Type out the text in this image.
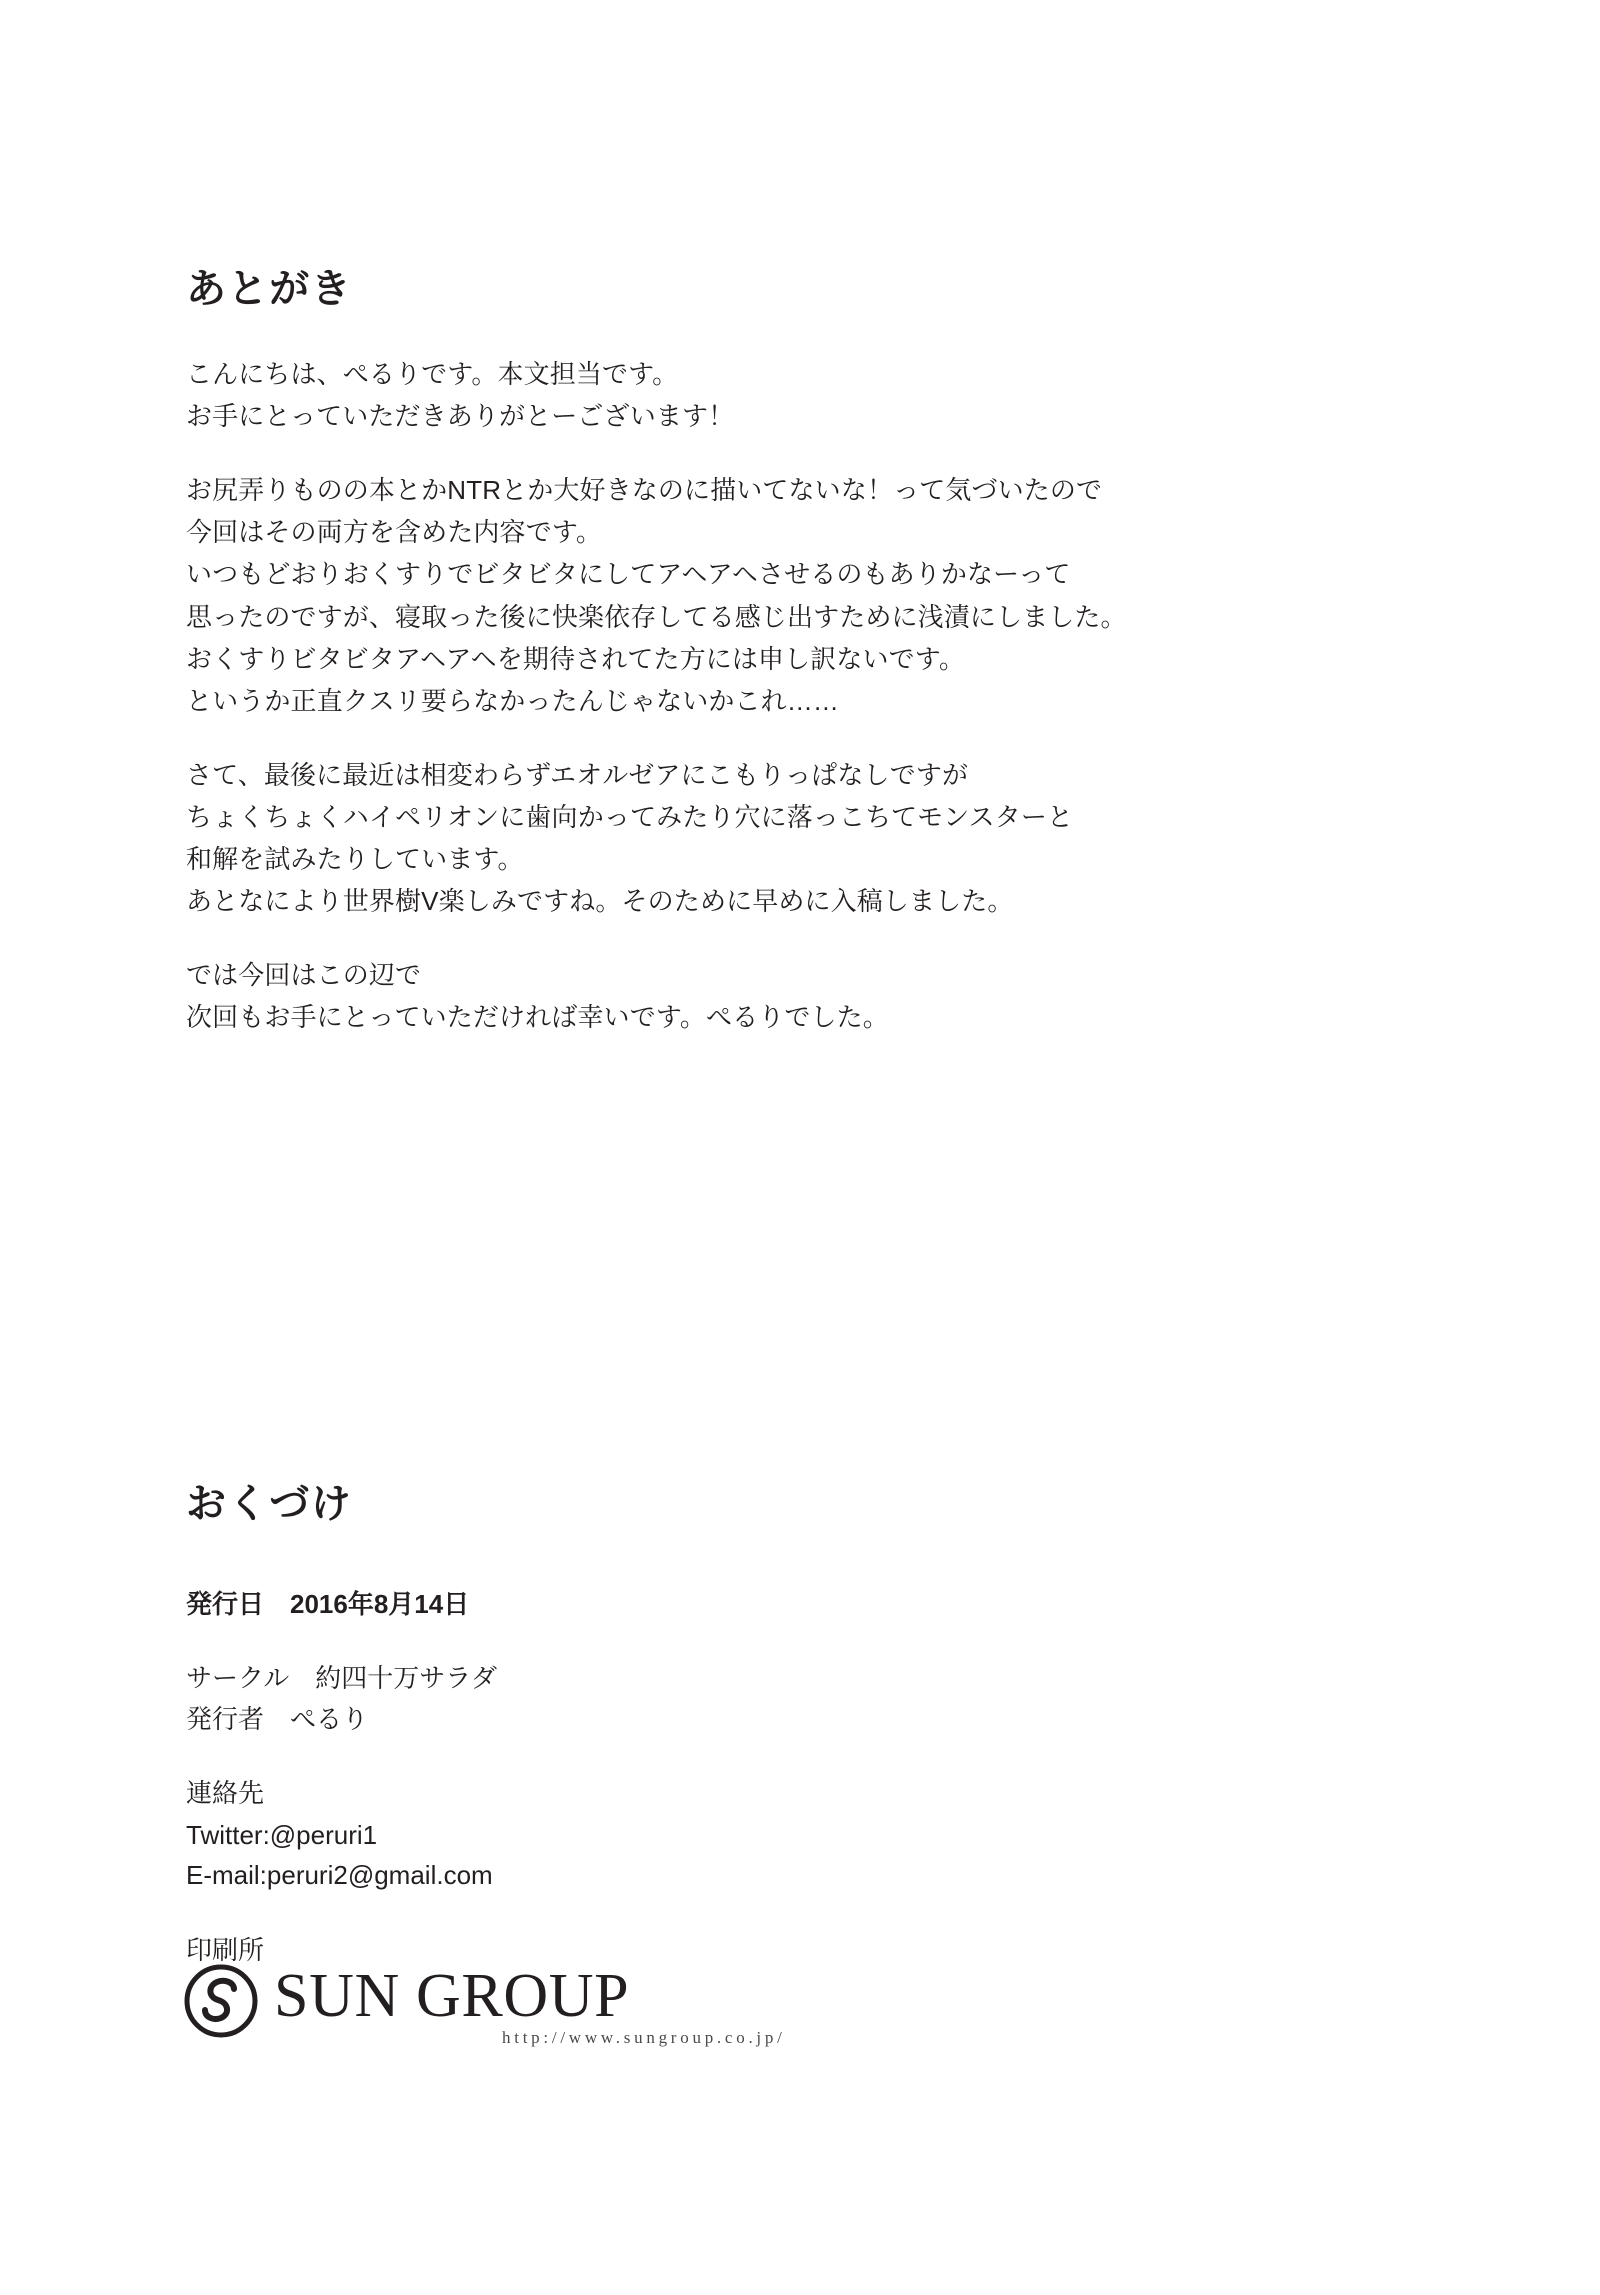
あとがき

こんにちは、ぺるりです。本文担当です。
お手にとっていただきありがとーございます！

お尻弄りものの本とかNTRとか大好きなのに描いてないな！って気づいたので
今回はその両方を含めた内容です。
いつもどおりおくすりでビタビタにしてアヘアヘさせるのもありかなーって
思ったのですが、寝取った後に快楽依存してる感じ出すために浅漬にしました。
おくすりビタビタアヘアヘを期待されてた方には申し訳ないです。
というか正直クスリ要らなかったんじゃないかこれ……

さて、最後に最近は相変わらずエオルゼアにこもりっぱなしですが
ちょくちょくハイペリオンに歯向かってみたり穴に落っこちてモンスターと
和解を試みたりしています。
あとなにより世界樹V楽しみですね。そのために早めに入稿しました。

では今回はこの辺で
次回もお手にとっていただければ幸いです。ぺるりでした。

おくづけ

発行日　2016年8月14日

サークル　約四十万サラダ
発行者　ぺるり

連絡先
Twitter:@peruri1
E-mail:peruri2@gmail.com

印刷所

SUN GROUP
http://www.sungroup.co.jp/
